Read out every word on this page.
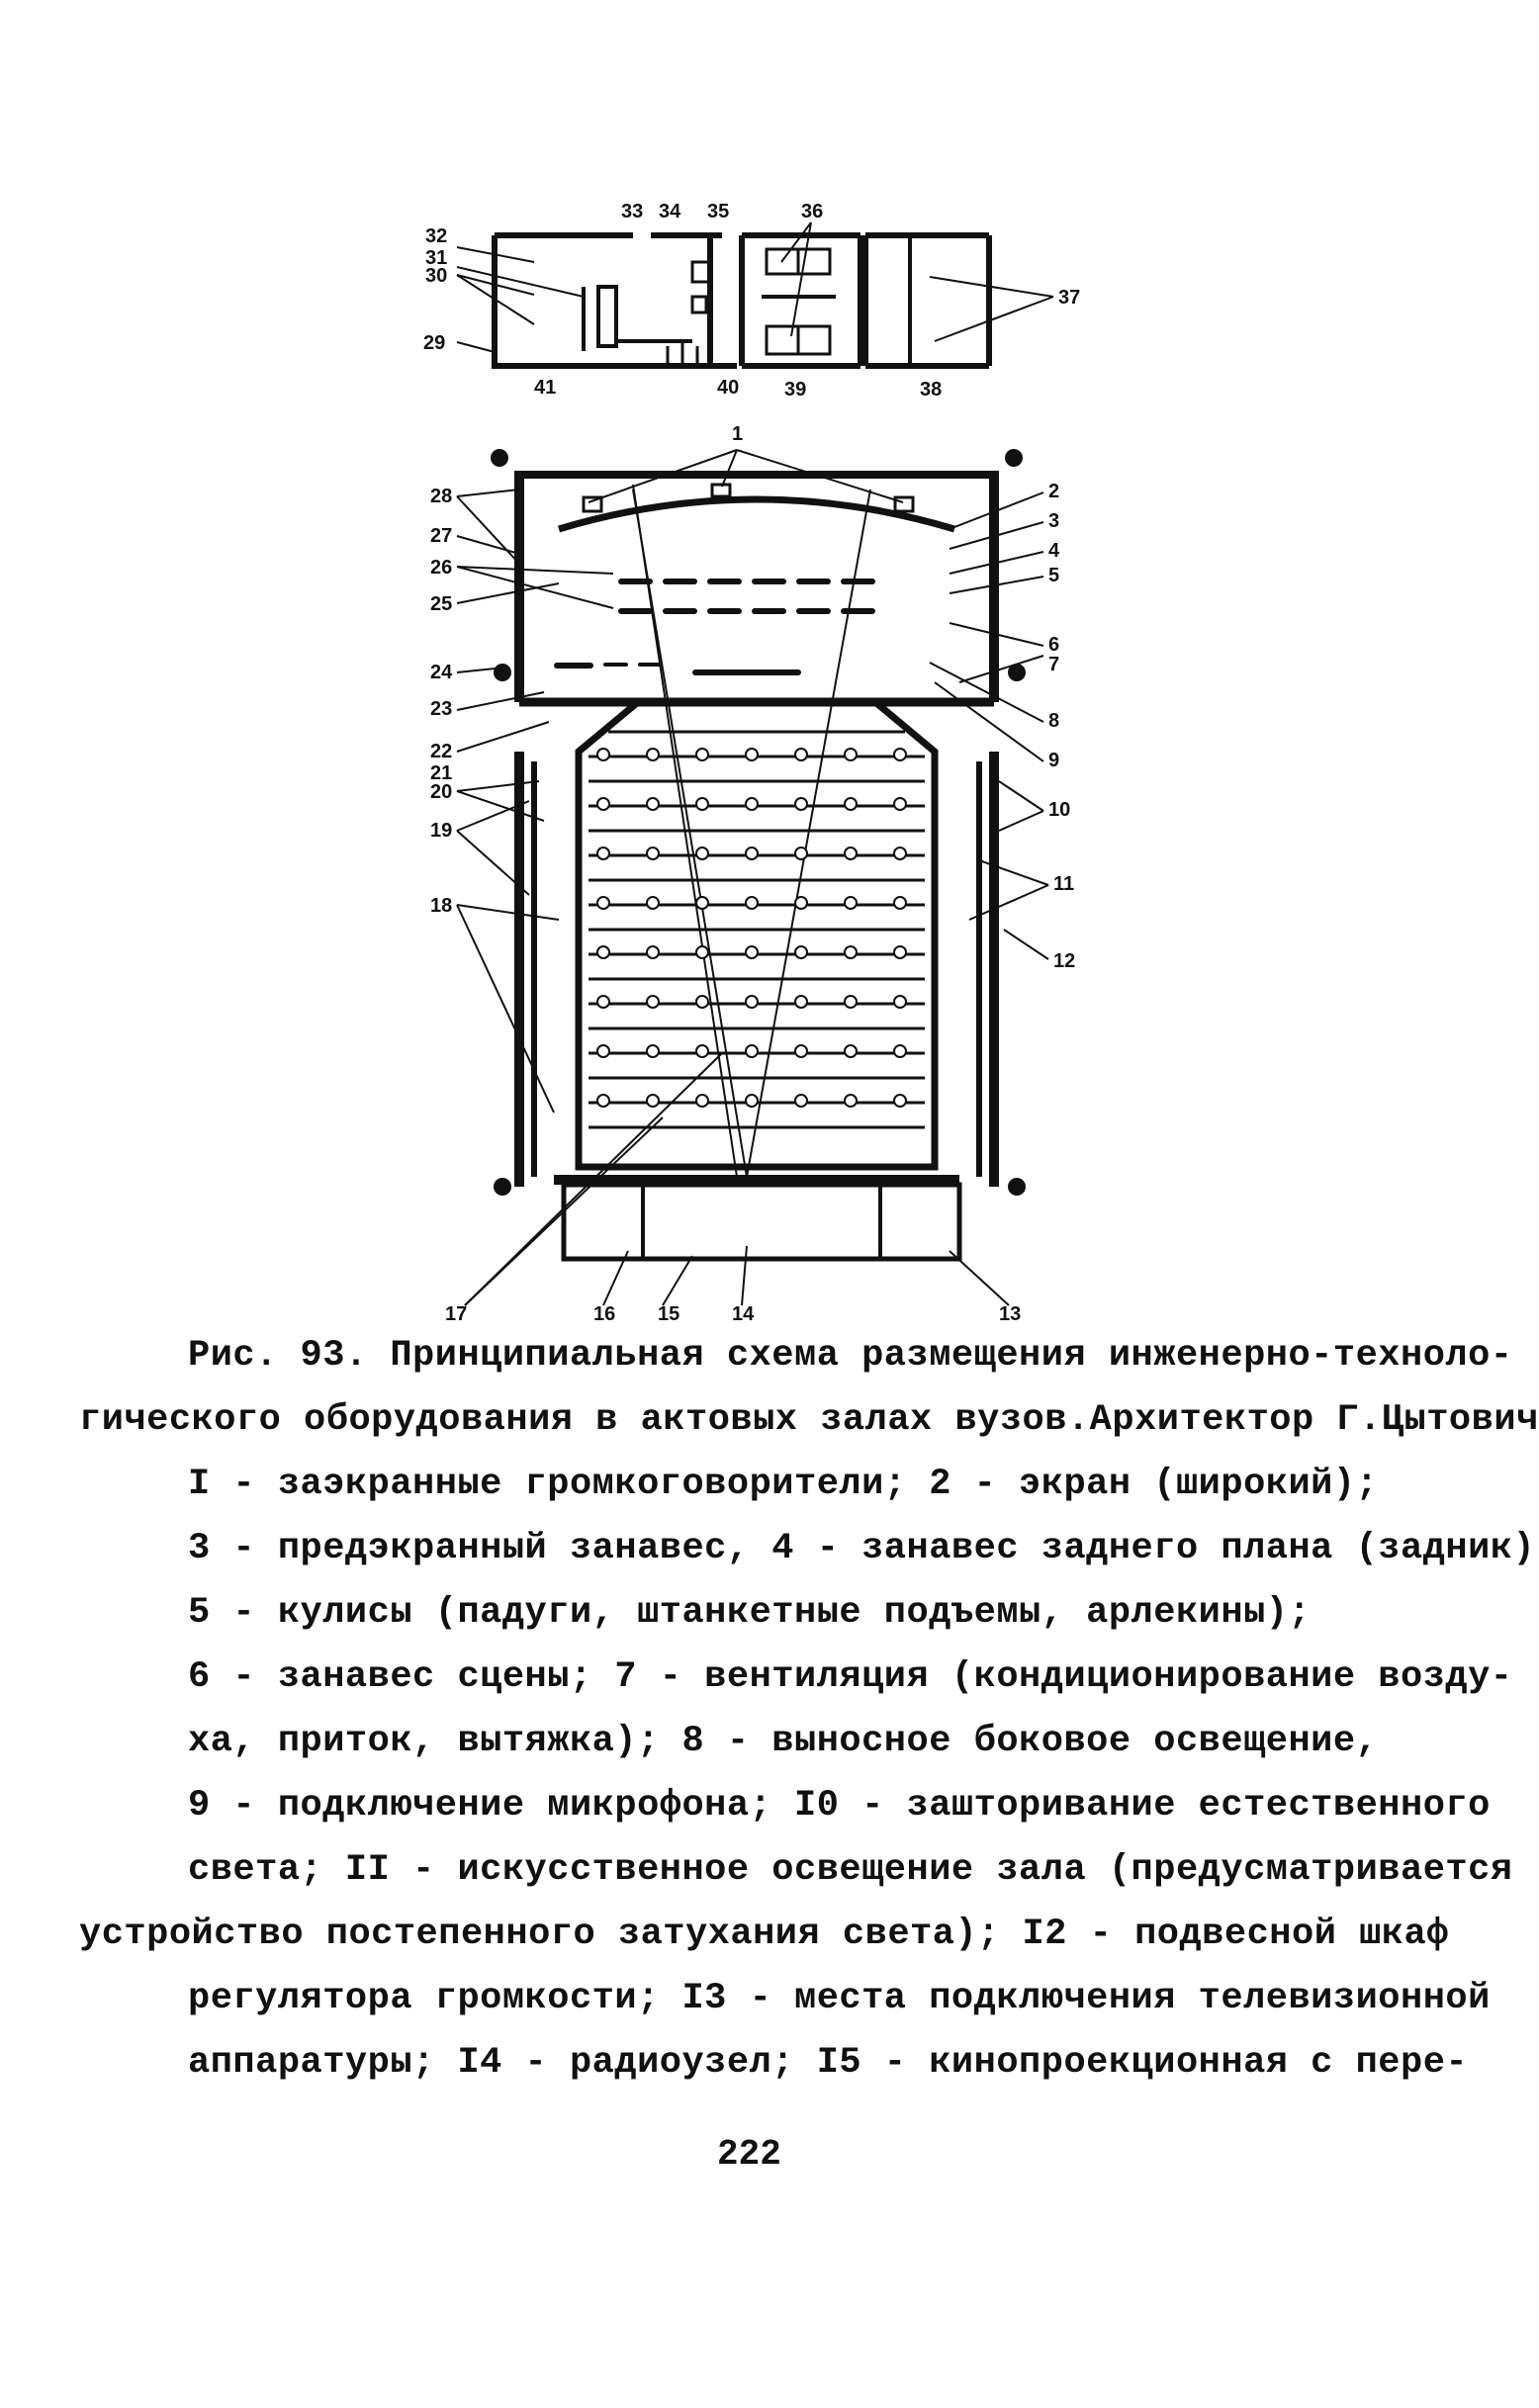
33 34 35	36
32
31
30
29
41	40 39	38
37
1
2
3
4
5
6
7
8
9
10
11
12
13
14
15
16
17
18
19
20
21
22
23
24
25
26
27
28
Рис. 93. Принципиальная схема размещения инженерно-техноло-
гического оборудования в актовых залах вузов.Архитектор Г.Цытович
I - заэкранные громкоговорители; 2 - экран (широкий);
3 - предэкранный занавес, 4 - занавес заднего плана (задник)
5 - кулисы (падуги, штанкетные подъемы, арлекины);
6 - занавес сцены; 7 - вентиляция (кондиционирование возду-
ха, приток, вытяжка); 8 - выносное боковое освещение,
9 - подключение микрофона; I0 - зашторивание естественного
света; II - искусственное освещение зала (предусматривается
устройство постепенного затухания света); I2 - подвесной шкаф
регулятора громкости; I3 - места подключения телевизионной
аппаратуры; I4 - радиоузел; I5 - кинопроекционная с пере-
222
